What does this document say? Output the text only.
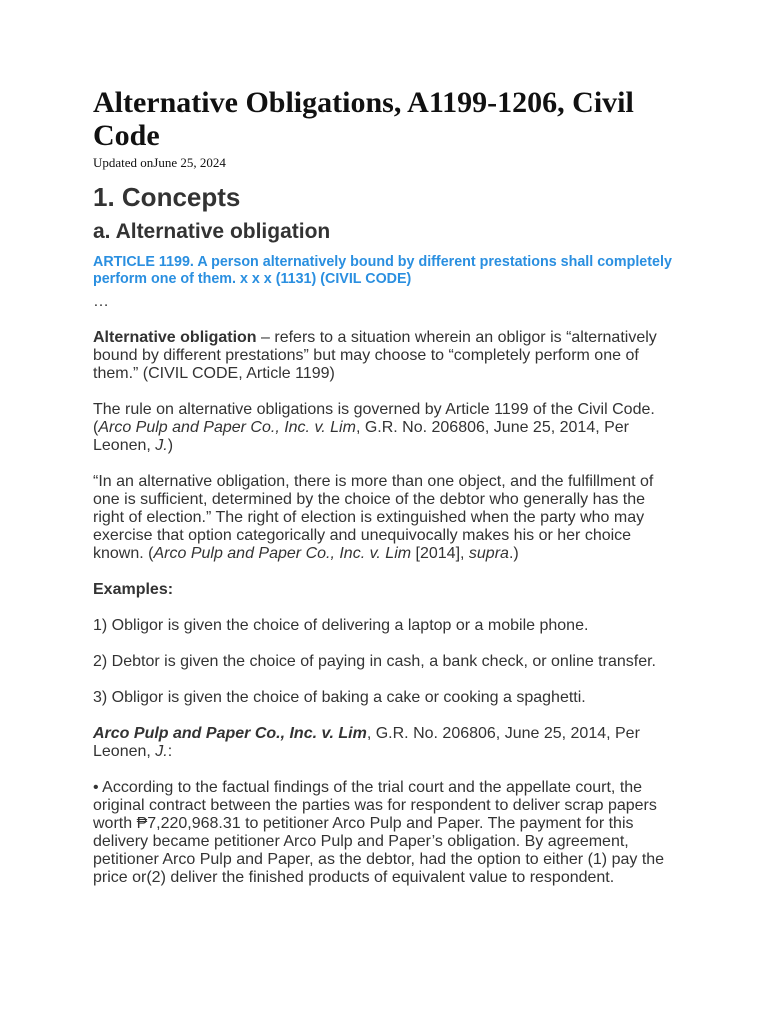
Alternative Obligations, A1199-1206, Civil Code
Updated onJune 25, 2024
1. Concepts
a. Alternative obligation
ARTICLE 1199. A person alternatively bound by different prestations shall completely perform one of them. x x x (1131) (CIVIL CODE)
…

Alternative obligation – refers to a situation wherein an obligor is “alternatively bound by different prestations” but may choose to “completely perform one of them.” (CIVIL CODE, Article 1199)

The rule on alternative obligations is governed by Article 1199 of the Civil Code. (Arco Pulp and Paper Co., Inc. v. Lim, G.R. No. 206806, June 25, 2014, Per Leonen, J.)

“In an alternative obligation, there is more than one object, and the fulfillment of one is sufficient, determined by the choice of the debtor who generally has the right of election.” The right of election is extinguished when the party who may exercise that option categorically and unequivocally makes his or her choice known. (Arco Pulp and Paper Co., Inc. v. Lim [2014], supra.)

Examples:

1) Obligor is given the choice of delivering a laptop or a mobile phone.

2) Debtor is given the choice of paying in cash, a bank check, or online transfer.

3) Obligor is given the choice of baking a cake or cooking a spaghetti.

Arco Pulp and Paper Co., Inc. v. Lim, G.R. No. 206806, June 25, 2014, Per Leonen, J.:

• According to the factual findings of the trial court and the appellate court, the original contract between the parties was for respondent to deliver scrap papers worth ₱7,220,968.31 to petitioner Arco Pulp and Paper. The payment for this delivery became petitioner Arco Pulp and Paper’s obligation. By agreement, petitioner Arco Pulp and Paper, as the debtor, had the option to either (1) pay the price or(2) deliver the finished products of equivalent value to respondent.
